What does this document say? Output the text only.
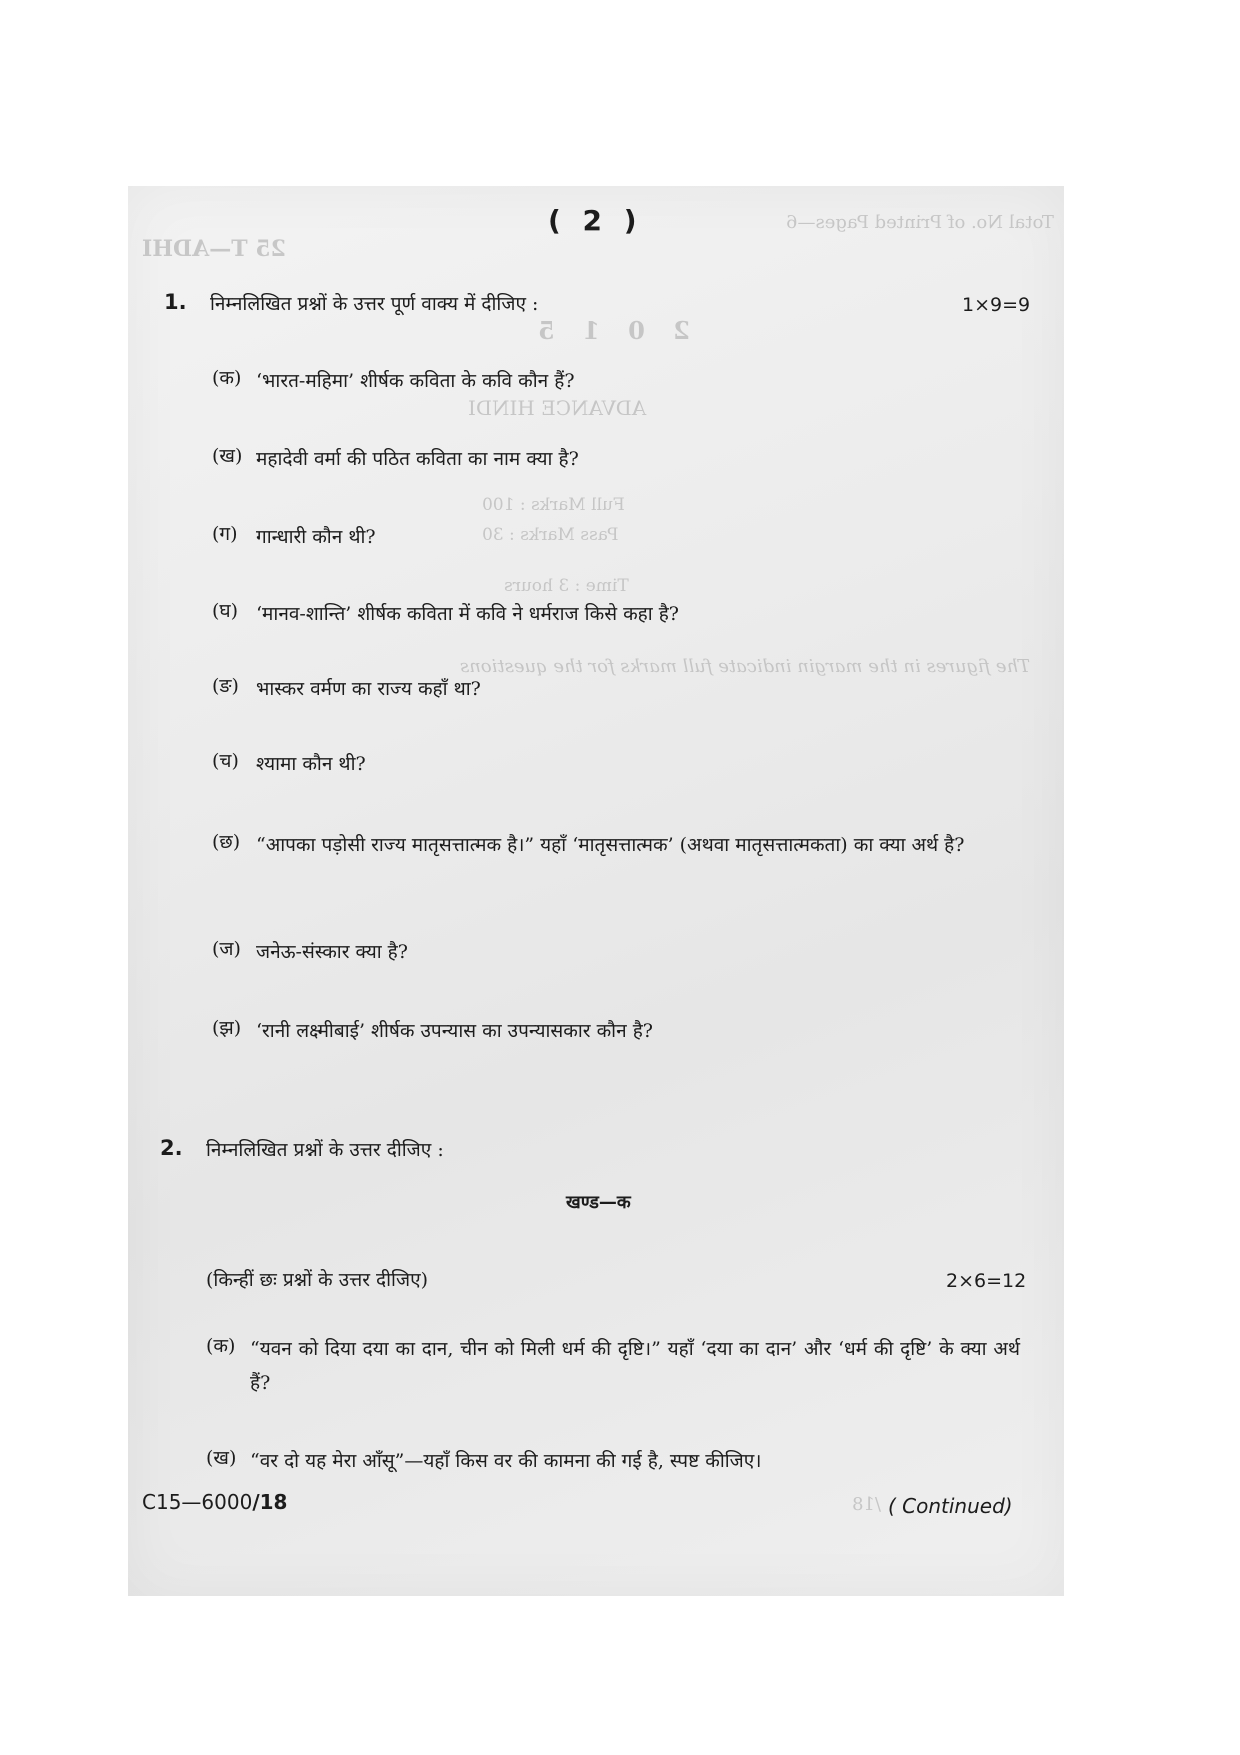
Total No. of Printed Pages—6
25 T—ADHI
2 0 1 5
ADVANCE HINDI
Full Marks : 100
Pass Marks : 30
Time : 3 hours
The figures in the margin indicate full marks for the questions
/18
( 2 )
1. निम्नलिखित प्रश्नों के उत्तर पूर्ण वाक्य में दीजिए :	1×9=9
(क) ‘भारत-महिमा’ शीर्षक कविता के कवि कौन हैं?
(ख) महादेवी वर्मा की पठित कविता का नाम क्या है?
(ग) गान्धारी कौन थी?
(घ) ‘मानव-शान्ति’ शीर्षक कविता में कवि ने धर्मराज किसे कहा है?
(ङ) भास्कर वर्मण का राज्य कहाँ था?
(च) श्यामा कौन थी?
(छ) “आपका पड़ोसी राज्य मातृसत्तात्मक है।” यहाँ ‘मातृसत्तात्मक’ (अथवा मातृसत्तात्मकता) का क्या अर्थ है?
(ज) जनेऊ-संस्कार क्या है?
(झ) ‘रानी लक्ष्मीबाई’ शीर्षक उपन्यास का उपन्यासकार कौन है?
2. निम्नलिखित प्रश्नों के उत्तर दीजिए :
खण्ड—क
(किन्हीं छः प्रश्नों के उत्तर दीजिए)	2×6=12
(क) “यवन को दिया दया का दान, चीन को मिली धर्म की दृष्टि।” यहाँ ‘दया का दान’ और ‘धर्म की दृष्टि’ के क्या अर्थ हैं?
(ख) “वर दो यह मेरा आँसू”—यहाँ किस वर की कामना की गई है, स्पष्ट कीजिए।
C15—6000/18	( Continued)
